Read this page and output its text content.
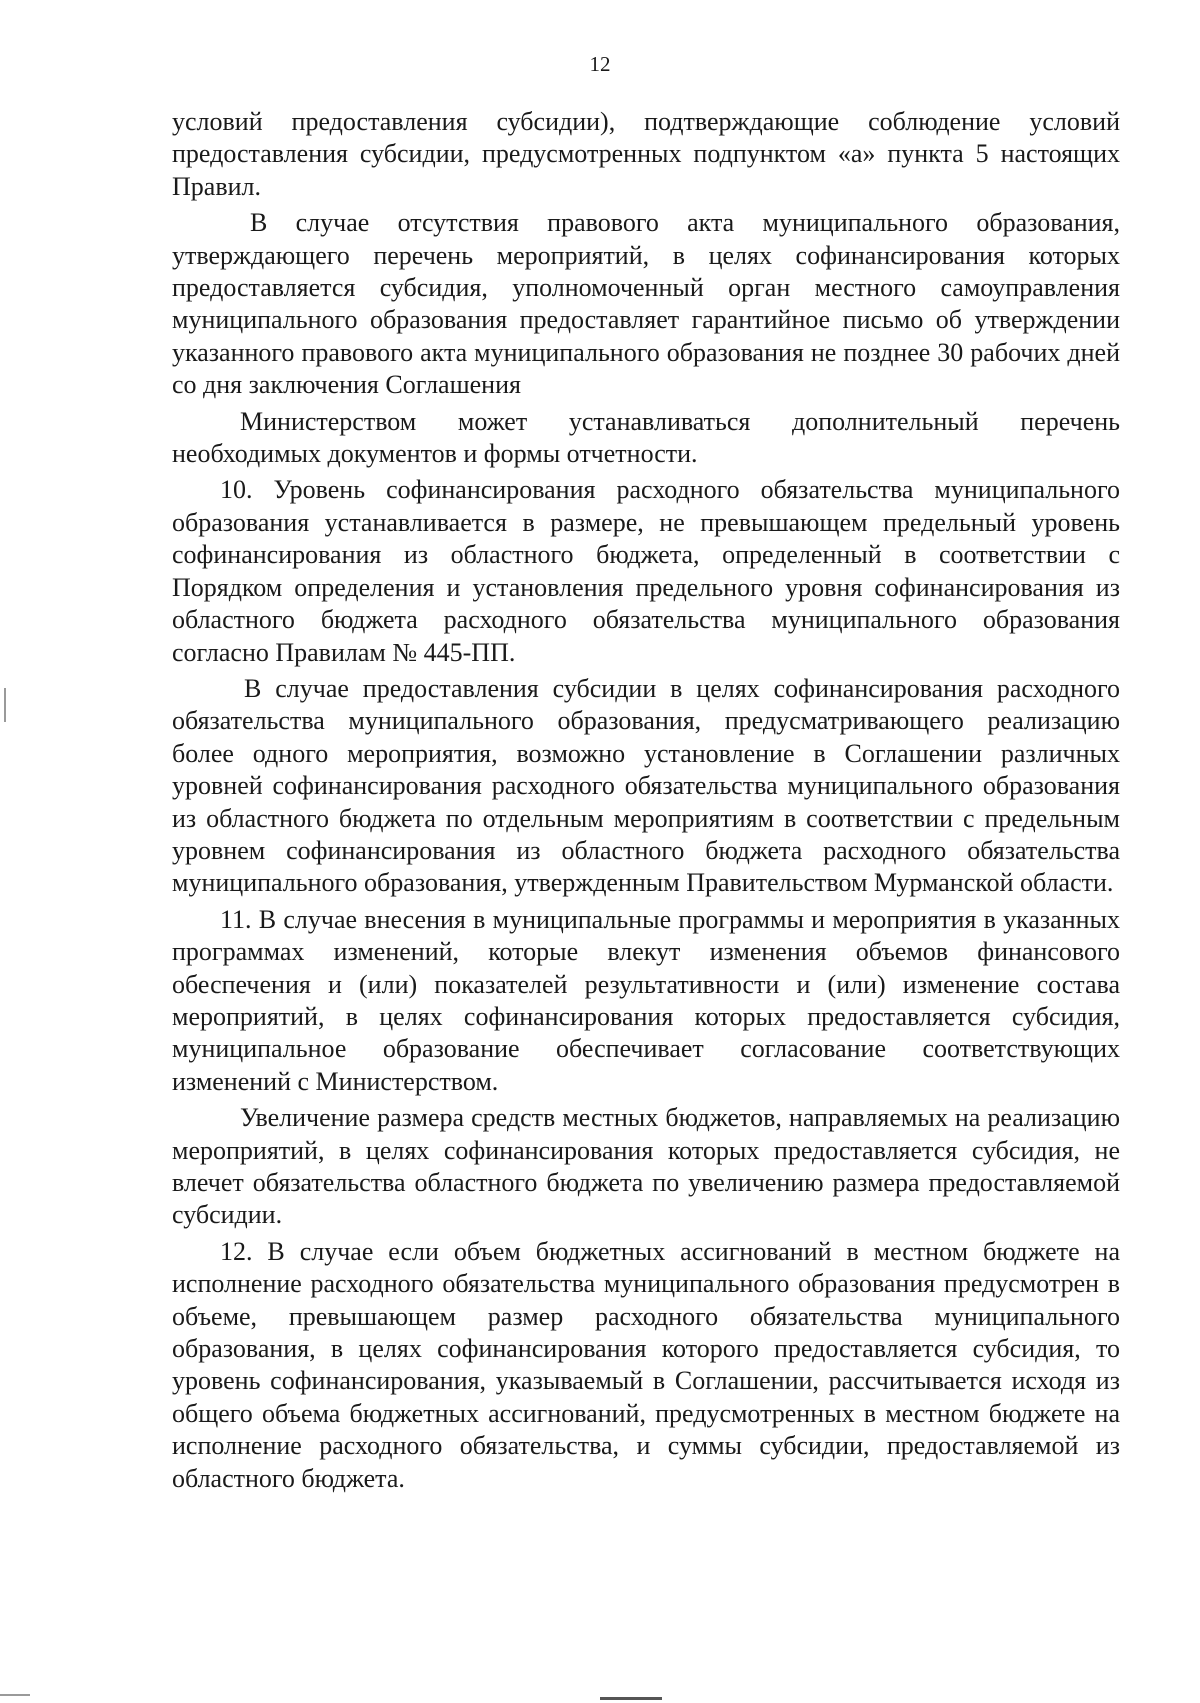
12

условий предоставления субсидии), подтверждающие соблюдение условий предоставления субсидии, предусмотренных подпунктом «а» пункта 5 настоящих Правил.

В случае отсутствия правового акта муниципального образования, утверждающего перечень мероприятий, в целях софинансирования которых предоставляется субсидия, уполномоченный орган местного самоуправления муниципального образования предоставляет гарантийное письмо об утверждении указанного правового акта муниципального образования не позднее 30 рабочих дней со дня заключения Соглашения

Министерством может устанавливаться дополнительный перечень необходимых документов и формы отчетности.

10. Уровень софинансирования расходного обязательства муниципального образования устанавливается в размере, не превышающем предельный уровень софинансирования из областного бюджета, определенный в соответствии с Порядком определения и установления предельного уровня софинансирования из областного бюджета расходного обязательства муниципального образования согласно Правилам № 445-ПП.

В случае предоставления субсидии в целях софинансирования расходного обязательства муниципального образования, предусматривающего реализацию более одного мероприятия, возможно установление в Соглашении различных уровней софинансирования расходного обязательства муниципального образования из областного бюджета по отдельным мероприятиям в соответствии с предельным уровнем софинансирования из областного бюджета расходного обязательства муниципального образования, утвержденным Правительством Мурманской области.

11. В случае внесения в муниципальные программы и мероприятия в указанных программах изменений, которые влекут изменения объемов финансового обеспечения и (или) показателей результативности и (или) изменение состава мероприятий, в целях софинансирования которых предоставляется субсидия, муниципальное образование обеспечивает согласование соответствующих изменений с Министерством.

Увеличение размера средств местных бюджетов, направляемых на реализацию мероприятий, в целях софинансирования которых предоставляется субсидия, не влечет обязательства областного бюджета по увеличению размера предоставляемой субсидии.

12. В случае если объем бюджетных ассигнований в местном бюджете на исполнение расходного обязательства муниципального образования предусмотрен в объеме, превышающем размер расходного обязательства муниципального образования, в целях софинансирования которого предоставляется субсидия, то уровень софинансирования, указываемый в Соглашении, рассчитывается исходя из общего объема бюджетных ассигнований, предусмотренных в местном бюджете на исполнение расходного обязательства, и суммы субсидии, предоставляемой из областного бюджета.
